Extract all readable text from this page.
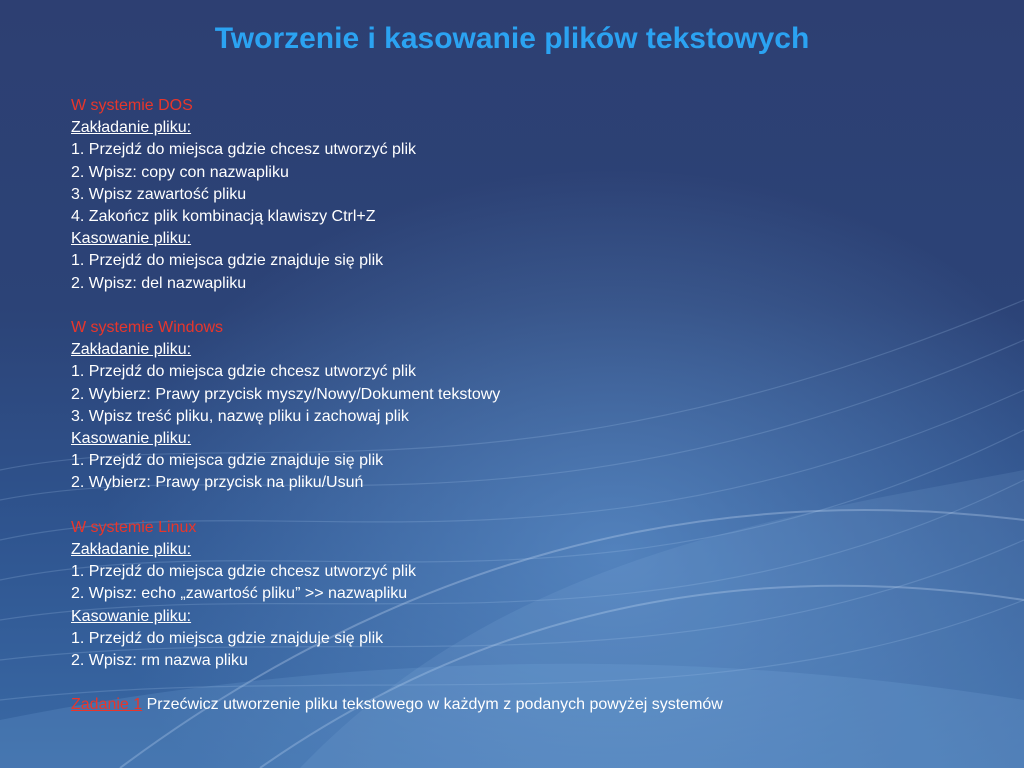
Tworzenie i kasowanie plików tekstowych
W systemie DOS
Zakładanie pliku:
1. Przejdź do miejsca gdzie chcesz utworzyć plik
2. Wpisz: copy con nazwapliku
3. Wpisz zawartość pliku
4. Zakończ plik kombinacją klawiszy Ctrl+Z
Kasowanie pliku:
1. Przejdź do miejsca gdzie znajduje się plik
2. Wpisz: del nazwapliku
W systemie Windows
Zakładanie pliku:
1. Przejdź do miejsca gdzie chcesz utworzyć plik
2. Wybierz: Prawy przycisk myszy/Nowy/Dokument tekstowy
3. Wpisz treść pliku, nazwę pliku i zachowaj plik
Kasowanie pliku:
1. Przejdź do miejsca gdzie znajduje się plik
2. Wybierz: Prawy przycisk na pliku/Usuń
W systemie Linux
Zakładanie pliku:
1. Przejdź do miejsca gdzie chcesz utworzyć plik
2. Wpisz: echo „zawartość pliku” >> nazwapliku
Kasowanie pliku:
1. Przejdź do miejsca gdzie znajduje się plik
2. Wpisz: rm nazwa pliku
Zadanie 1 Przećwicz utworzenie pliku tekstowego w każdym z podanych powyżej systemów
